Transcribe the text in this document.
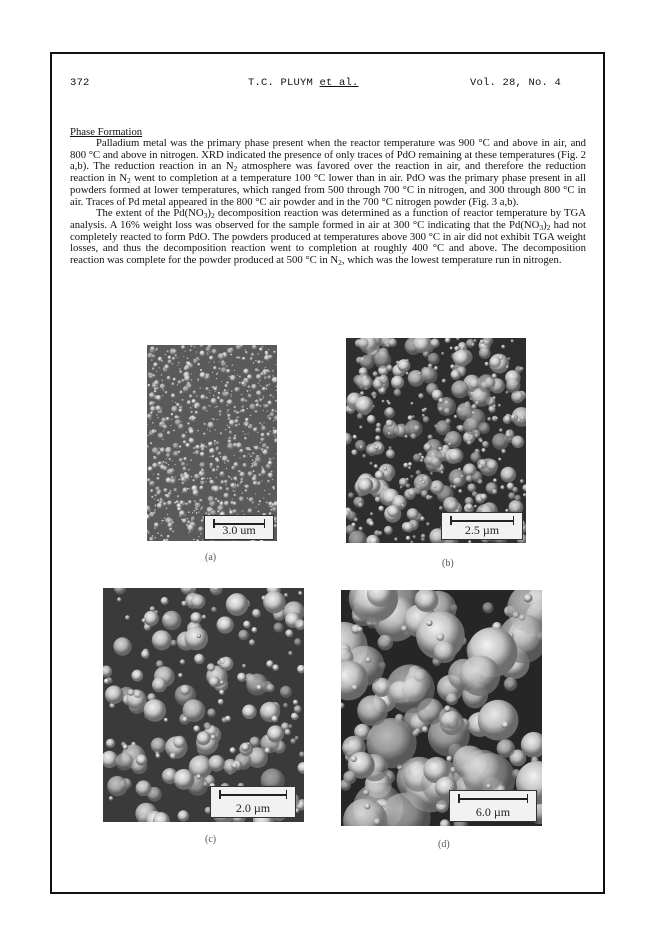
372	T.C. PLUYM et al.	Vol. 28, No. 4
Phase Formation

Palladium metal was the primary phase present when the reactor temperature was 900 °C and above in air, and 800 °C and above in nitrogen. XRD indicated the presence of only traces of PdO remaining at these temperatures (Fig. 2 a,b). The reduction reaction in an $N_2$ atmosphere was favored over the reaction in air, and therefore the reduction reaction in $N_2$ went to completion at a temperature 100 °C lower than in air. PdO was the primary phase present in all powders formed at lower temperatures, which ranged from 500 through 700 °C in nitrogen, and 300 through 800 °C in air. Traces of Pd metal appeared in the 800 °C air powder and in the 700 °C nitrogen powder (Fig. 3 a,b).

The extent of the $Pd(NO_3)_2$ decomposition reaction was determined as a function of reactor temperature by TGA analysis. A 16% weight loss was observed for the sample formed in air at 300 °C indicating that the $Pd(NO_3)_2$ had not completely reacted to form PdO. The powders produced at temperatures above 300 °C in air did not exhibit TGA weight losses, and thus the decomposition reaction went to completion at roughly 400 °C and above. The decomposition reaction was complete for the powder produced at 500 °C in $N_2$, which was the lowest temperature run in nitrogen.

3.0 um
(a)
2.5 µm
(b)
2.0 µm
(c)
6.0 µm
(d)
